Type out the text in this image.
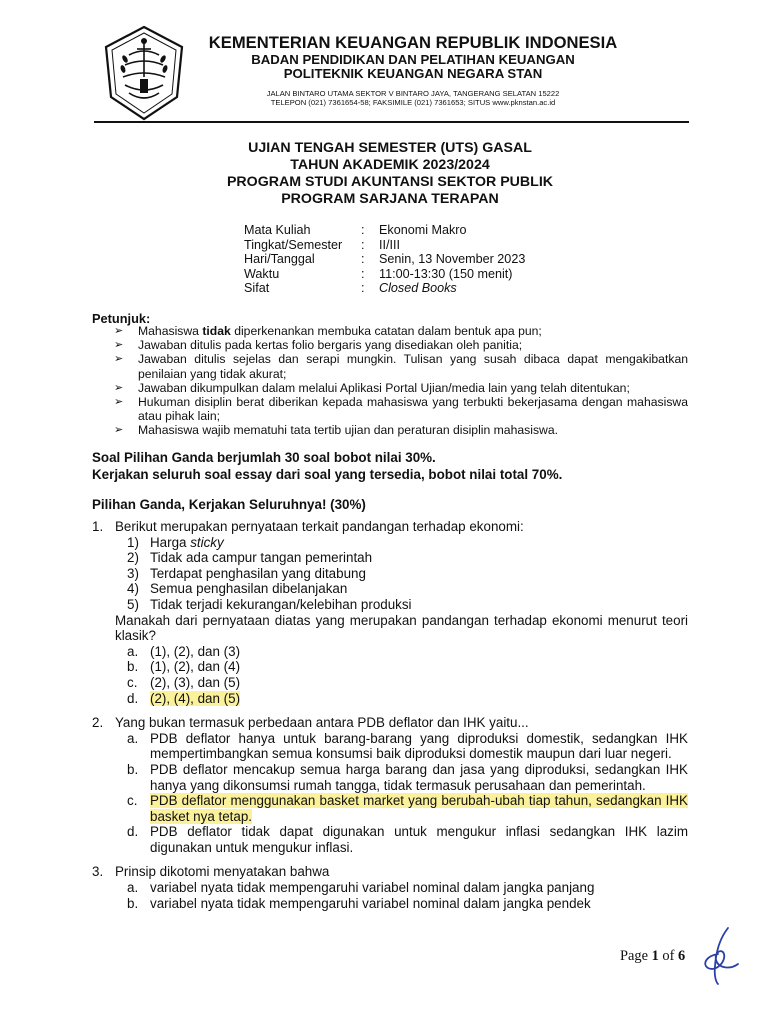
KEMENTERIAN KEUANGAN REPUBLIK INDONESIA
BADAN PENDIDIKAN DAN PELATIHAN KEUANGAN
POLITEKNIK KEUANGAN NEGARA STAN
JALAN BINTARO UTAMA SEKTOR V BINTARO JAYA, TANGERANG SELATAN 15222
TELEPON (021) 7361654-58; FAKSIMILE (021) 7361653; SITUS www.pknstan.ac.id
UJIAN TENGAH SEMESTER (UTS) GASAL
TAHUN AKADEMIK 2023/2024
PROGRAM STUDI AKUNTANSI SEKTOR PUBLIK
PROGRAM SARJANA TERAPAN
Mata Kuliah	: Ekonomi Makro
Tingkat/Semester : II/III
Hari/Tanggal	: Senin, 13 November 2023
Waktu	: 11:00-13:30 (150 menit)
Sifat	: Closed Books
Petunjuk:
➢ Mahasiswa tidak diperkenankan membuka catatan dalam bentuk apa pun;
➢ Jawaban ditulis pada kertas folio bergaris yang disediakan oleh panitia;
➢ Jawaban ditulis sejelas dan serapi mungkin. Tulisan yang susah dibaca dapat mengakibatkan penilaian yang tidak akurat;
➢ Jawaban dikumpulkan dalam melalui Aplikasi Portal Ujian/media lain yang telah ditentukan;
➢ Hukuman disiplin berat diberikan kepada mahasiswa yang terbukti bekerjasama dengan mahasiswa atau pihak lain;
➢ Mahasiswa wajib mematuhi tata tertib ujian dan peraturan disiplin mahasiswa.
Soal Pilihan Ganda berjumlah 30 soal bobot nilai 30%.
Kerjakan seluruh soal essay dari soal yang tersedia, bobot nilai total 70%.
Pilihan Ganda, Kerjakan Seluruhnya! (30%)
1. Berikut merupakan pernyataan terkait pandangan terhadap ekonomi:
1) Harga sticky
2) Tidak ada campur tangan pemerintah
3) Terdapat penghasilan yang ditabung
4) Semua penghasilan dibelanjakan
5) Tidak terjadi kekurangan/kelebihan produksi
Manakah dari pernyataan diatas yang merupakan pandangan terhadap ekonomi menurut teori klasik?
a. (1), (2), dan (3)
b. (1), (2), dan (4)
c. (2), (3), dan (5)
d. (2), (4), dan (5)
2. Yang bukan termasuk perbedaan antara PDB deflator dan IHK yaitu...
a. PDB deflator hanya untuk barang-barang yang diproduksi domestik, sedangkan IHK mempertimbangkan semua konsumsi baik diproduksi domestik maupun dari luar negeri.
b. PDB deflator mencakup semua harga barang dan jasa yang diproduksi, sedangkan IHK hanya yang dikonsumsi rumah tangga, tidak termasuk perusahaan dan pemerintah.
c. PDB deflator menggunakan basket market yang berubah-ubah tiap tahun, sedangkan IHK basket nya tetap.
d. PDB deflator tidak dapat digunakan untuk mengukur inflasi sedangkan IHK lazim digunakan untuk mengukur inflasi.
3. Prinsip dikotomi menyatakan bahwa
a. variabel nyata tidak mempengaruhi variabel nominal dalam jangka panjang
b. variabel nyata tidak mempengaruhi variabel nominal dalam jangka pendek
Page 1 of 6
